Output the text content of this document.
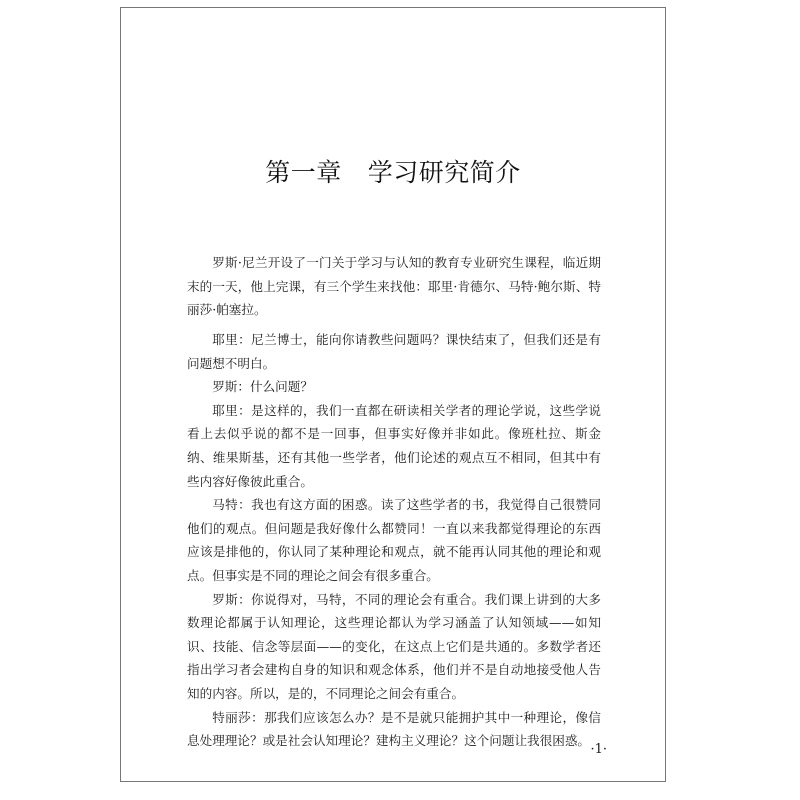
第一章 学习研究简介

罗斯·尼兰开设了一门关于学习与认知的教育专业研究生课程，临近期末的一天，他上完课，有三个学生来找他：耶里·肯德尔、马特·鲍尔斯、特丽莎·帕塞拉。

耶里：尼兰博士，能向你请教些问题吗？课快结束了，但我们还是有问题想不明白。

罗斯：什么问题？

耶里：是这样的，我们一直都在研读相关学者的理论学说，这些学说看上去似乎说的都不是一回事，但事实好像并非如此。像班杜拉、斯金纳、维果斯基，还有其他一些学者，他们论述的观点互不相同，但其中有些内容好像彼此重合。

马特：我也有这方面的困惑。读了这些学者的书，我觉得自己很赞同他们的观点。但问题是我好像什么都赞同！一直以来我都觉得理论的东西应该是排他的，你认同了某种理论和观点，就不能再认同其他的理论和观点。但事实是不同的理论之间会有很多重合。

罗斯：你说得对，马特，不同的理论会有重合。我们课上讲到的大多数理论都属于认知理论，这些理论都认为学习涵盖了认知领域——如知识、技能、信念等层面——的变化，在这点上它们是共通的。多数学者还指出学习者会建构自身的知识和观念体系，他们并不是自动地接受他人告知的内容。所以，是的，不同理论之间会有重合。

特丽莎：那我们应该怎么办？是不是就只能拥护其中一种理论，像信息处理理论？或是社会认知理论？建构主义理论？这个问题让我很困惑。

·1·
